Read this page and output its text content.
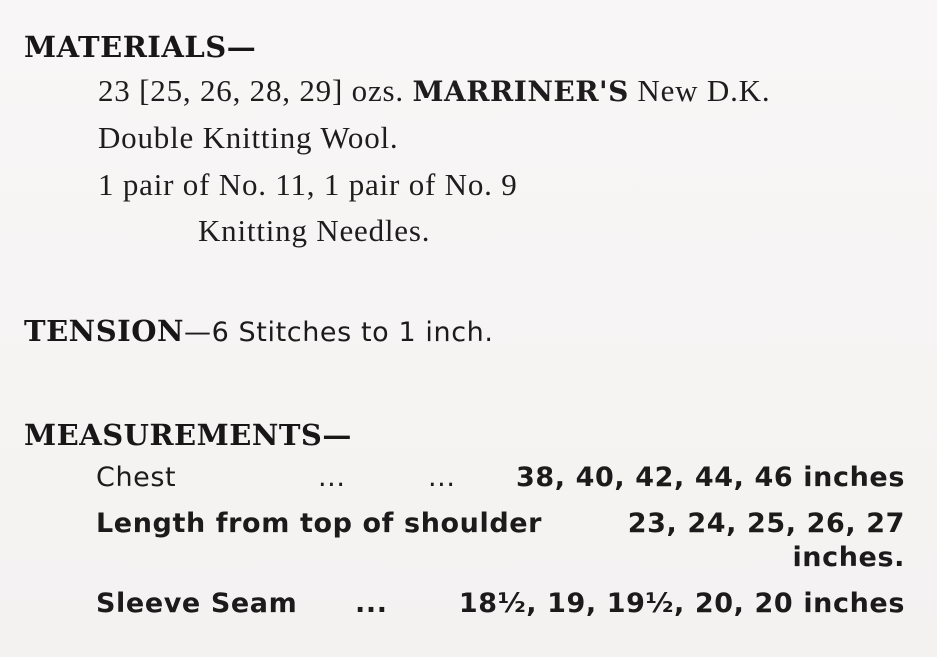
MATERIALS—
23 [25, 26, 28, 29] ozs. MARRINER'S New D.K.
Double Knitting Wool.
1 pair of No. 11, 1 pair of No. 9
Knitting Needles.
TENSION—6 Stitches to 1 inch.
MEASUREMENTS—
Chest	...	... 38, 40, 42, 44, 46 inches
Length from top of shoulder	23, 24, 25, 26, 27
inches.
Sleeve Seam ...	18½, 19, 19½, 20, 20 inches
